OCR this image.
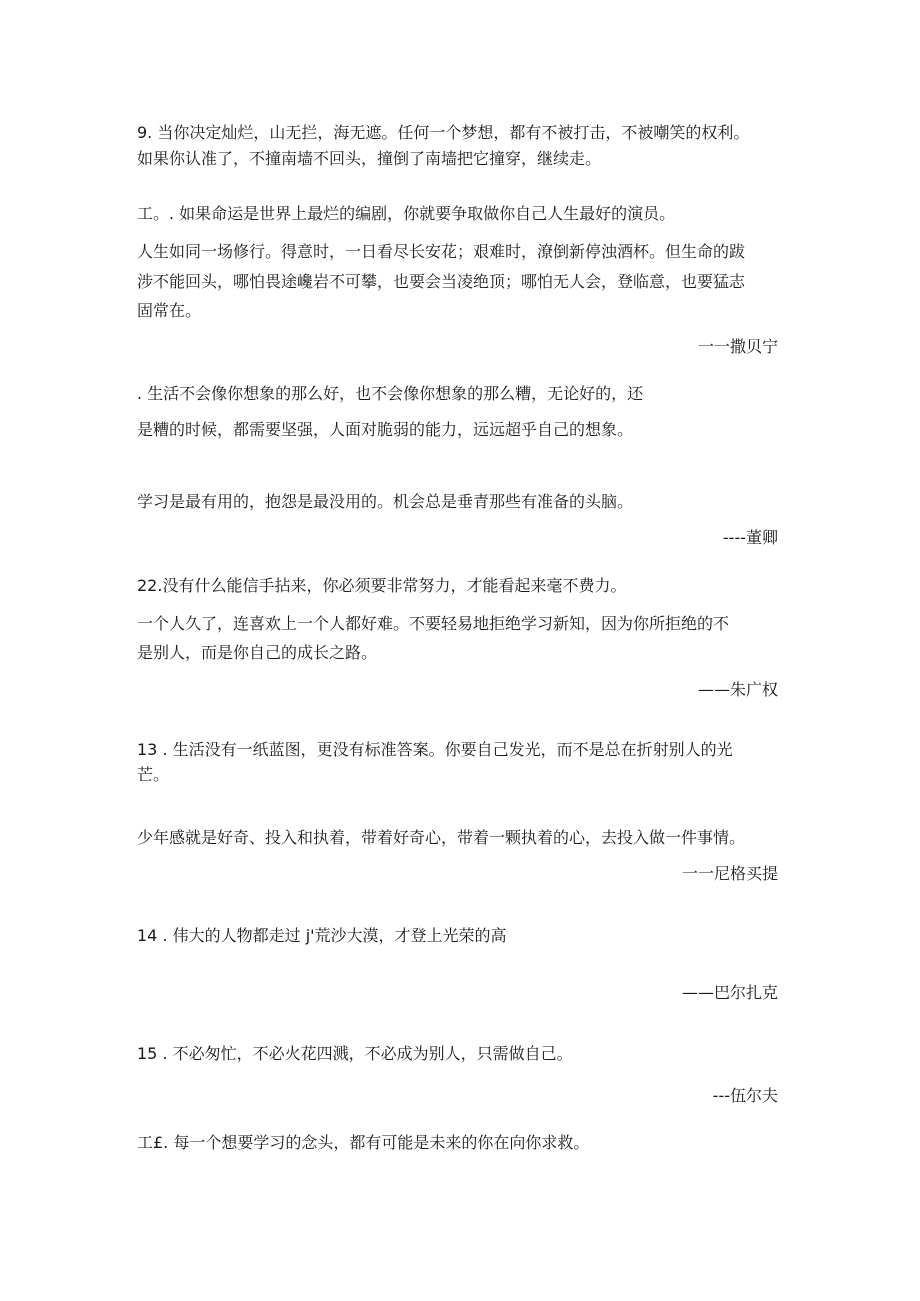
9. 当你决定灿烂，山无拦，海无遮。任何一个梦想，都有不被打击，不被嘲笑的权利。
如果你认准了，不撞南墙不回头，撞倒了南墙把它撞穿，继续走。
工。. 如果命运是世界上最烂的编剧，你就要争取做你自己人生最好的演员。
人生如同一场修行。得意时，一日看尽长安花；艰难时，潦倒新停浊酒杯。但生命的跋
涉不能回头，哪怕畏途巉岩不可攀，也要会当凌绝顶；哪怕无人会，登临意，也要猛志
固常在。
一一撒贝宁
. 生活不会像你想象的那么好，也不会像你想象的那么糟，无论好的，还
是糟的时候，都需要坚强，人面对脆弱的能力，远远超乎自己的想象。
学习是最有用的，抱怨是最没用的。机会总是垂青那些有准备的头脑。
----董卿
22.没有什么能信手拈来，你必须要非常努力，才能看起来毫不费力。
一个人久了，连喜欢上一个人都好难。不要轻易地拒绝学习新知，因为你所拒绝的不
是别人，而是你自己的成长之路。
——朱广权
13 . 生活没有一纸蓝图，更没有标准答案。你要自己发光，而不是总在折射别人的光
芒。
少年感就是好奇、投入和执着，带着好奇心，带着一颗执着的心，去投入做一件事情。
一一尼格买提
14 . 伟大的人物都走过 j'荒沙大漠，才登上光荣的高
——巴尔扎克
15 . 不必匆忙，不必火花四溅，不必成为别人，只需做自己。
---伍尔夫
工£. 每一个想要学习的念头，都有可能是未来的你在向你求救。
